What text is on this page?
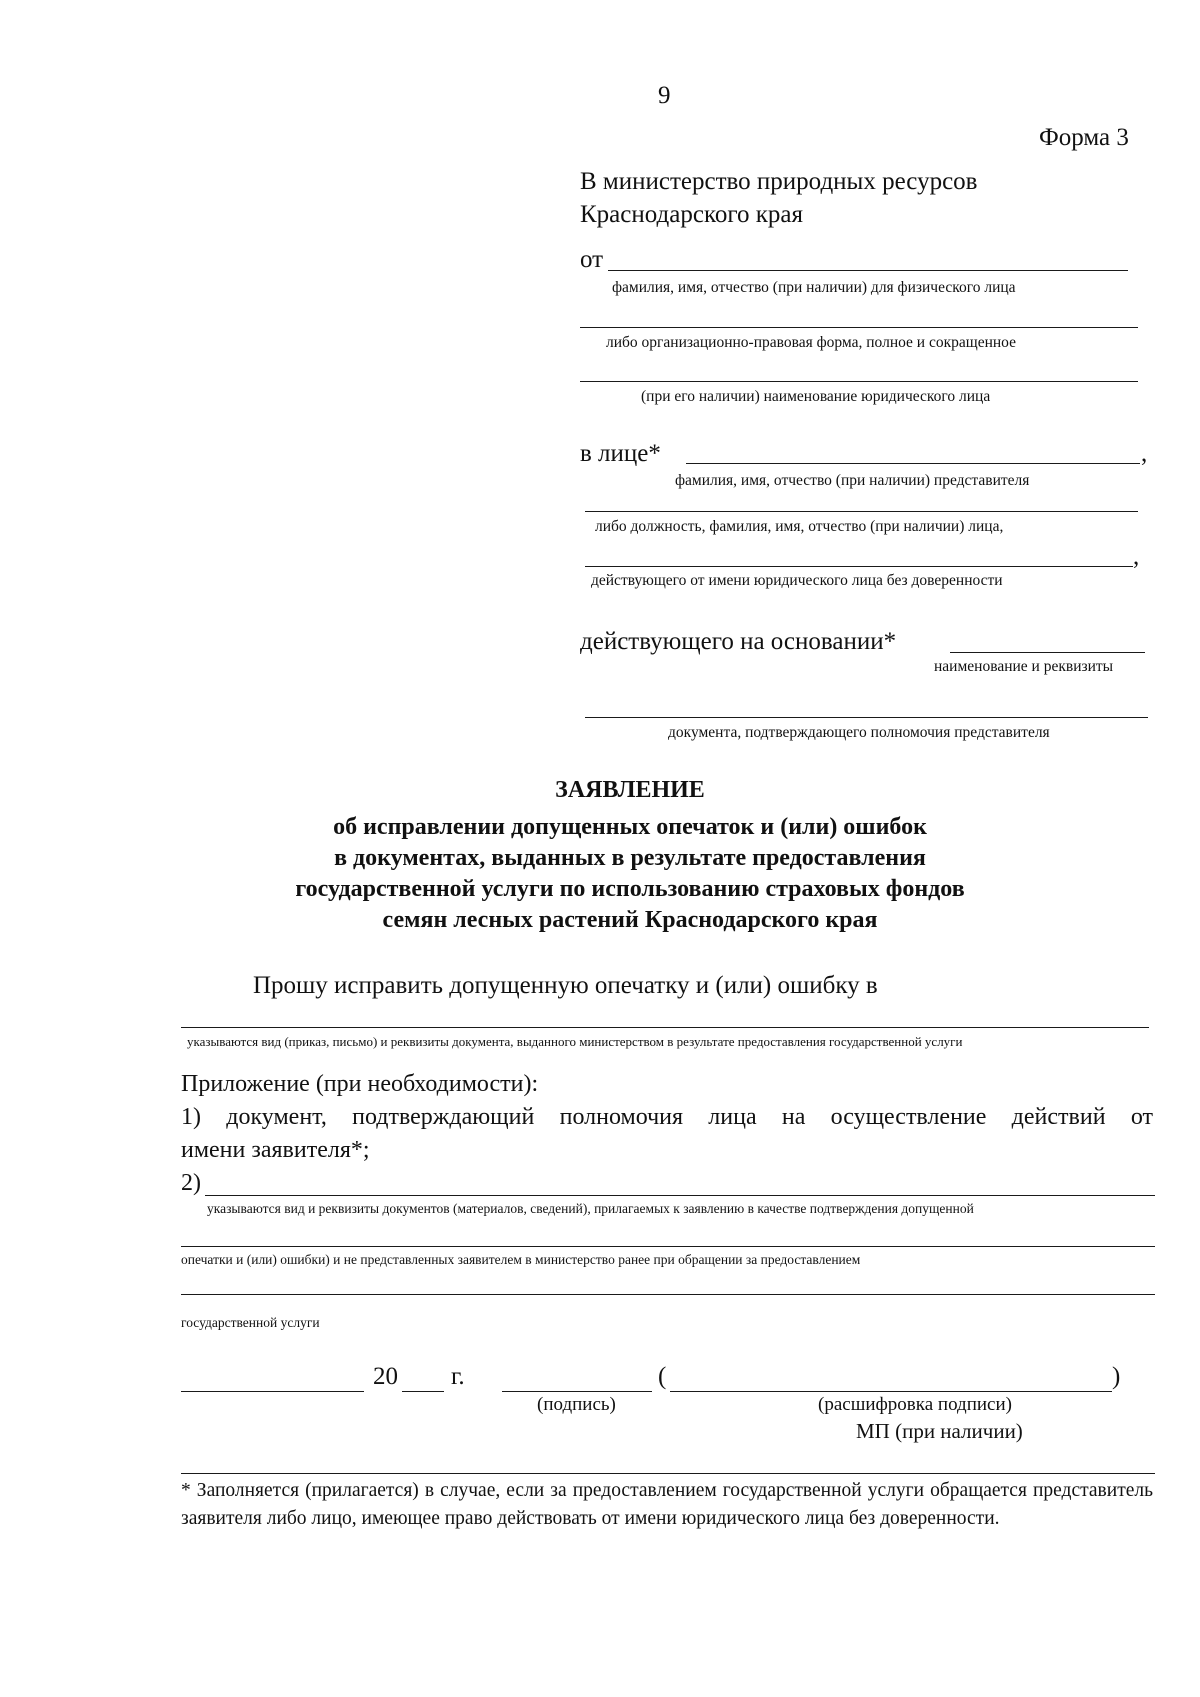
9
Форма 3
В министерство природных ресурсов
Краснодарского края
от
фамилия, имя, отчество (при наличии) для физического лица
либо организационно-правовая форма, полное и сокращенное
(при его наличии) наименование юридического лица
в лице*	,
фамилия, имя, отчество (при наличии) представителя
либо должность, фамилия, имя, отчество (при наличии) лица,
,
действующего от имени юридического лица без доверенности
действующего на основании*
наименование и реквизиты
документа, подтверждающего полномочия представителя
ЗАЯВЛЕНИЕ
об исправлении допущенных опечаток и (или) ошибок
в документах, выданных в результате предоставления
государственной услуги по использованию страховых фондов
семян лесных растений Краснодарского края
Прошу исправить допущенную опечатку и (или) ошибку в
указываются вид (приказ, письмо) и реквизиты документа, выданного министерством в результате предоставления государственной услуги
Приложение (при необходимости):
1) документ, подтверждающий полномочия лица на осуществление действий от
имени заявителя*;
2)
указываются вид и реквизиты документов (материалов, сведений), прилагаемых к заявлению в качестве подтверждения допущенной
опечатки и (или) ошибки) и не представленных заявителем в министерство ранее при обращении за предоставлением
государственной услуги
20 г.	(	)
(подпись)	(расшифровка подписи)
МП (при наличии)
* Заполняется (прилагается) в случае, если за предоставлением государственной услуги обращается представитель заявителя либо лицо, имеющее право действовать от имени юридического лица без доверенности.
